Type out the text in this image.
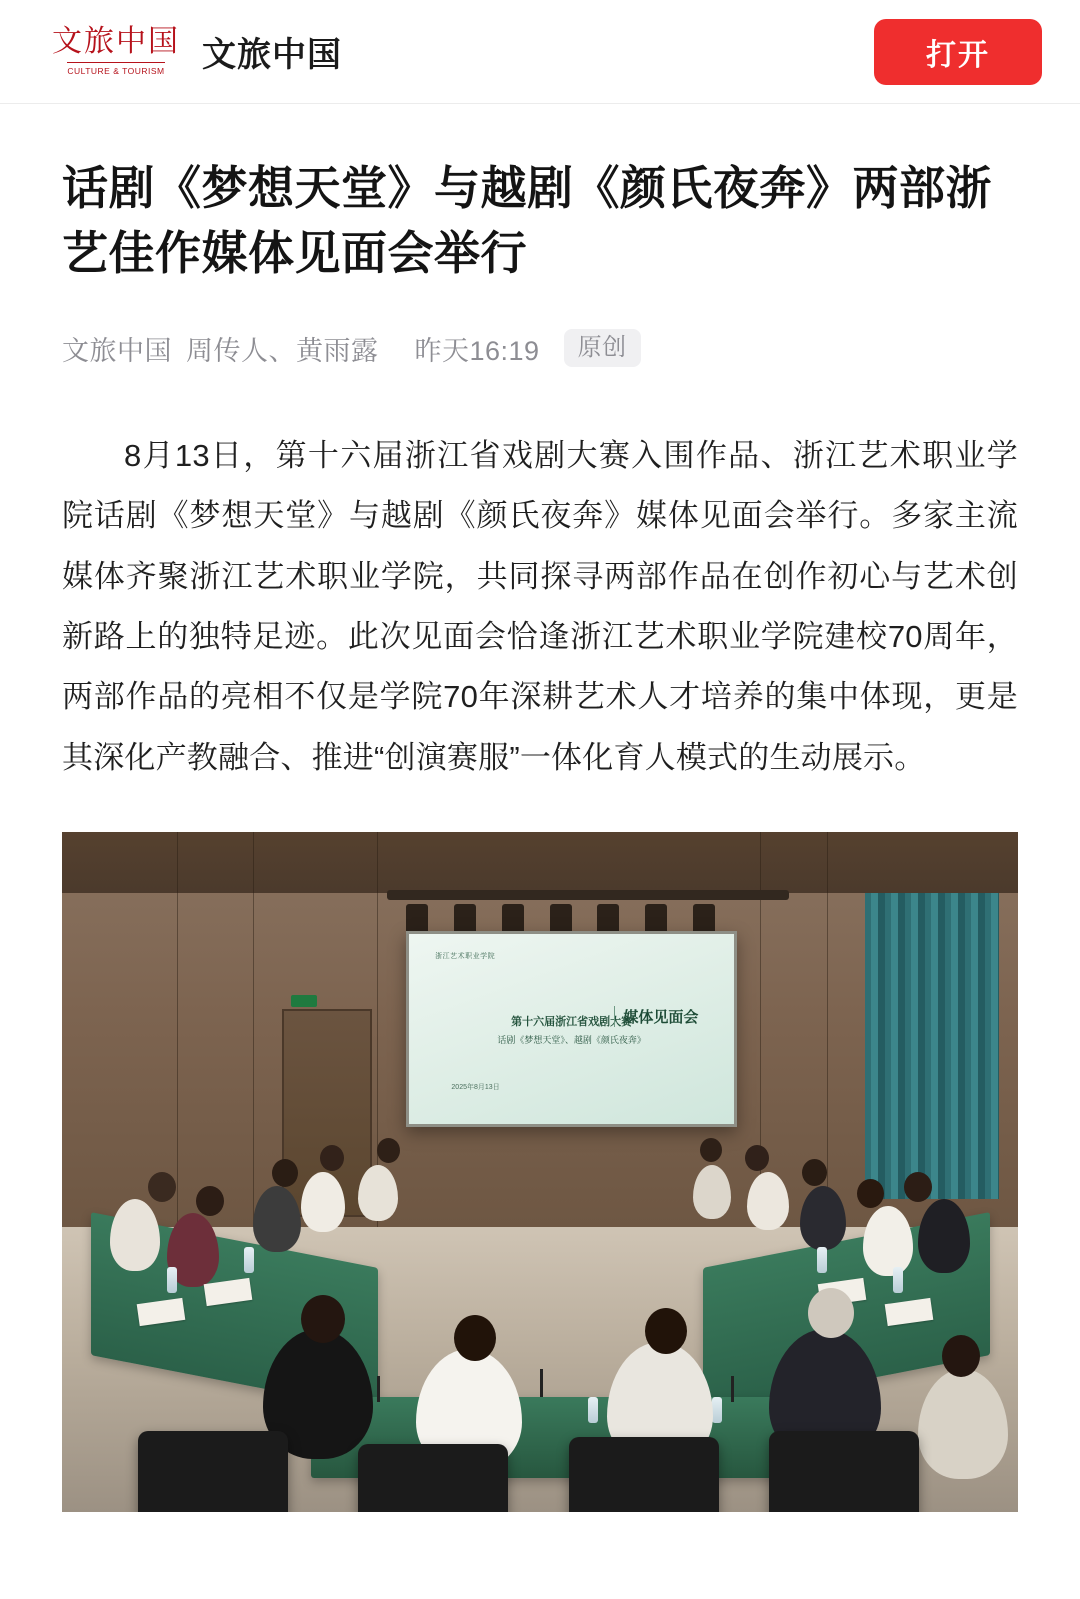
文旅中国
CULTURE & TOURISM 文旅中国	打开
话剧《梦想天堂》与越剧《颜氏夜奔》两部浙艺佳作媒体见面会举行
文旅中国 周传人、黄雨露 昨天16:19	原创

8月13日，第十六届浙江省戏剧大赛入围作品、浙江艺术职业学院话剧《梦想天堂》与越剧《颜氏夜奔》媒体见面会举行。多家主流媒体齐聚浙江艺术职业学院，共同探寻两部作品在创作初心与艺术创新路上的独特足迹。此次见面会恰逢浙江艺术职业学院建校70周年，两部作品的亮相不仅是学院70年深耕艺术人才培养的集中体现，更是其深化产教融合、推进“创演赛服”一体化育人模式的生动展示。

浙江艺术职业学院
第十六届浙江省戏剧大赛
话剧《梦想天堂》、越剧《颜氏夜奔》
媒体见面会
2025年8月13日
